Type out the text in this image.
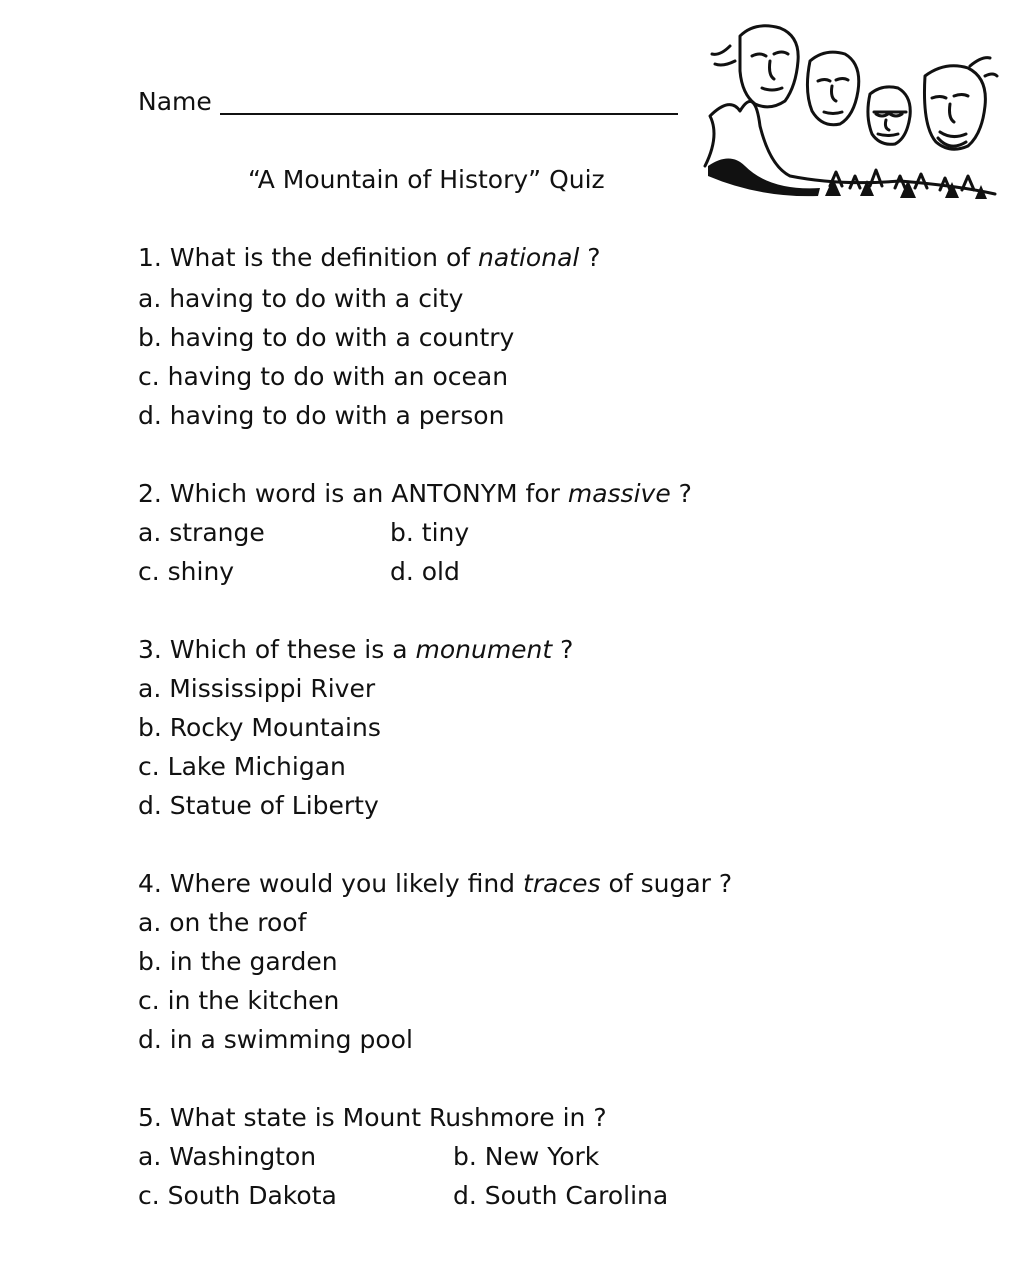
Name
“A Mountain of History” Quiz
1. What is the definition of national ?
a. having to do with a city
b. having to do with a country
c. having to do with an ocean
d. having to do with a person
2. Which word is an ANTONYM for massive ?
a. strange	b. tiny
c. shiny	d. old
3. Which of these is a monument ?
a. Mississippi River
b. Rocky Mountains
c. Lake Michigan
d. Statue of Liberty
4. Where would you likely find traces of sugar ?
a. on the roof
b. in the garden
c. in the kitchen
d. in a swimming pool
5. What state is Mount Rushmore in ?
a. Washington	b. New York
c. South Dakota	d. South Carolina
